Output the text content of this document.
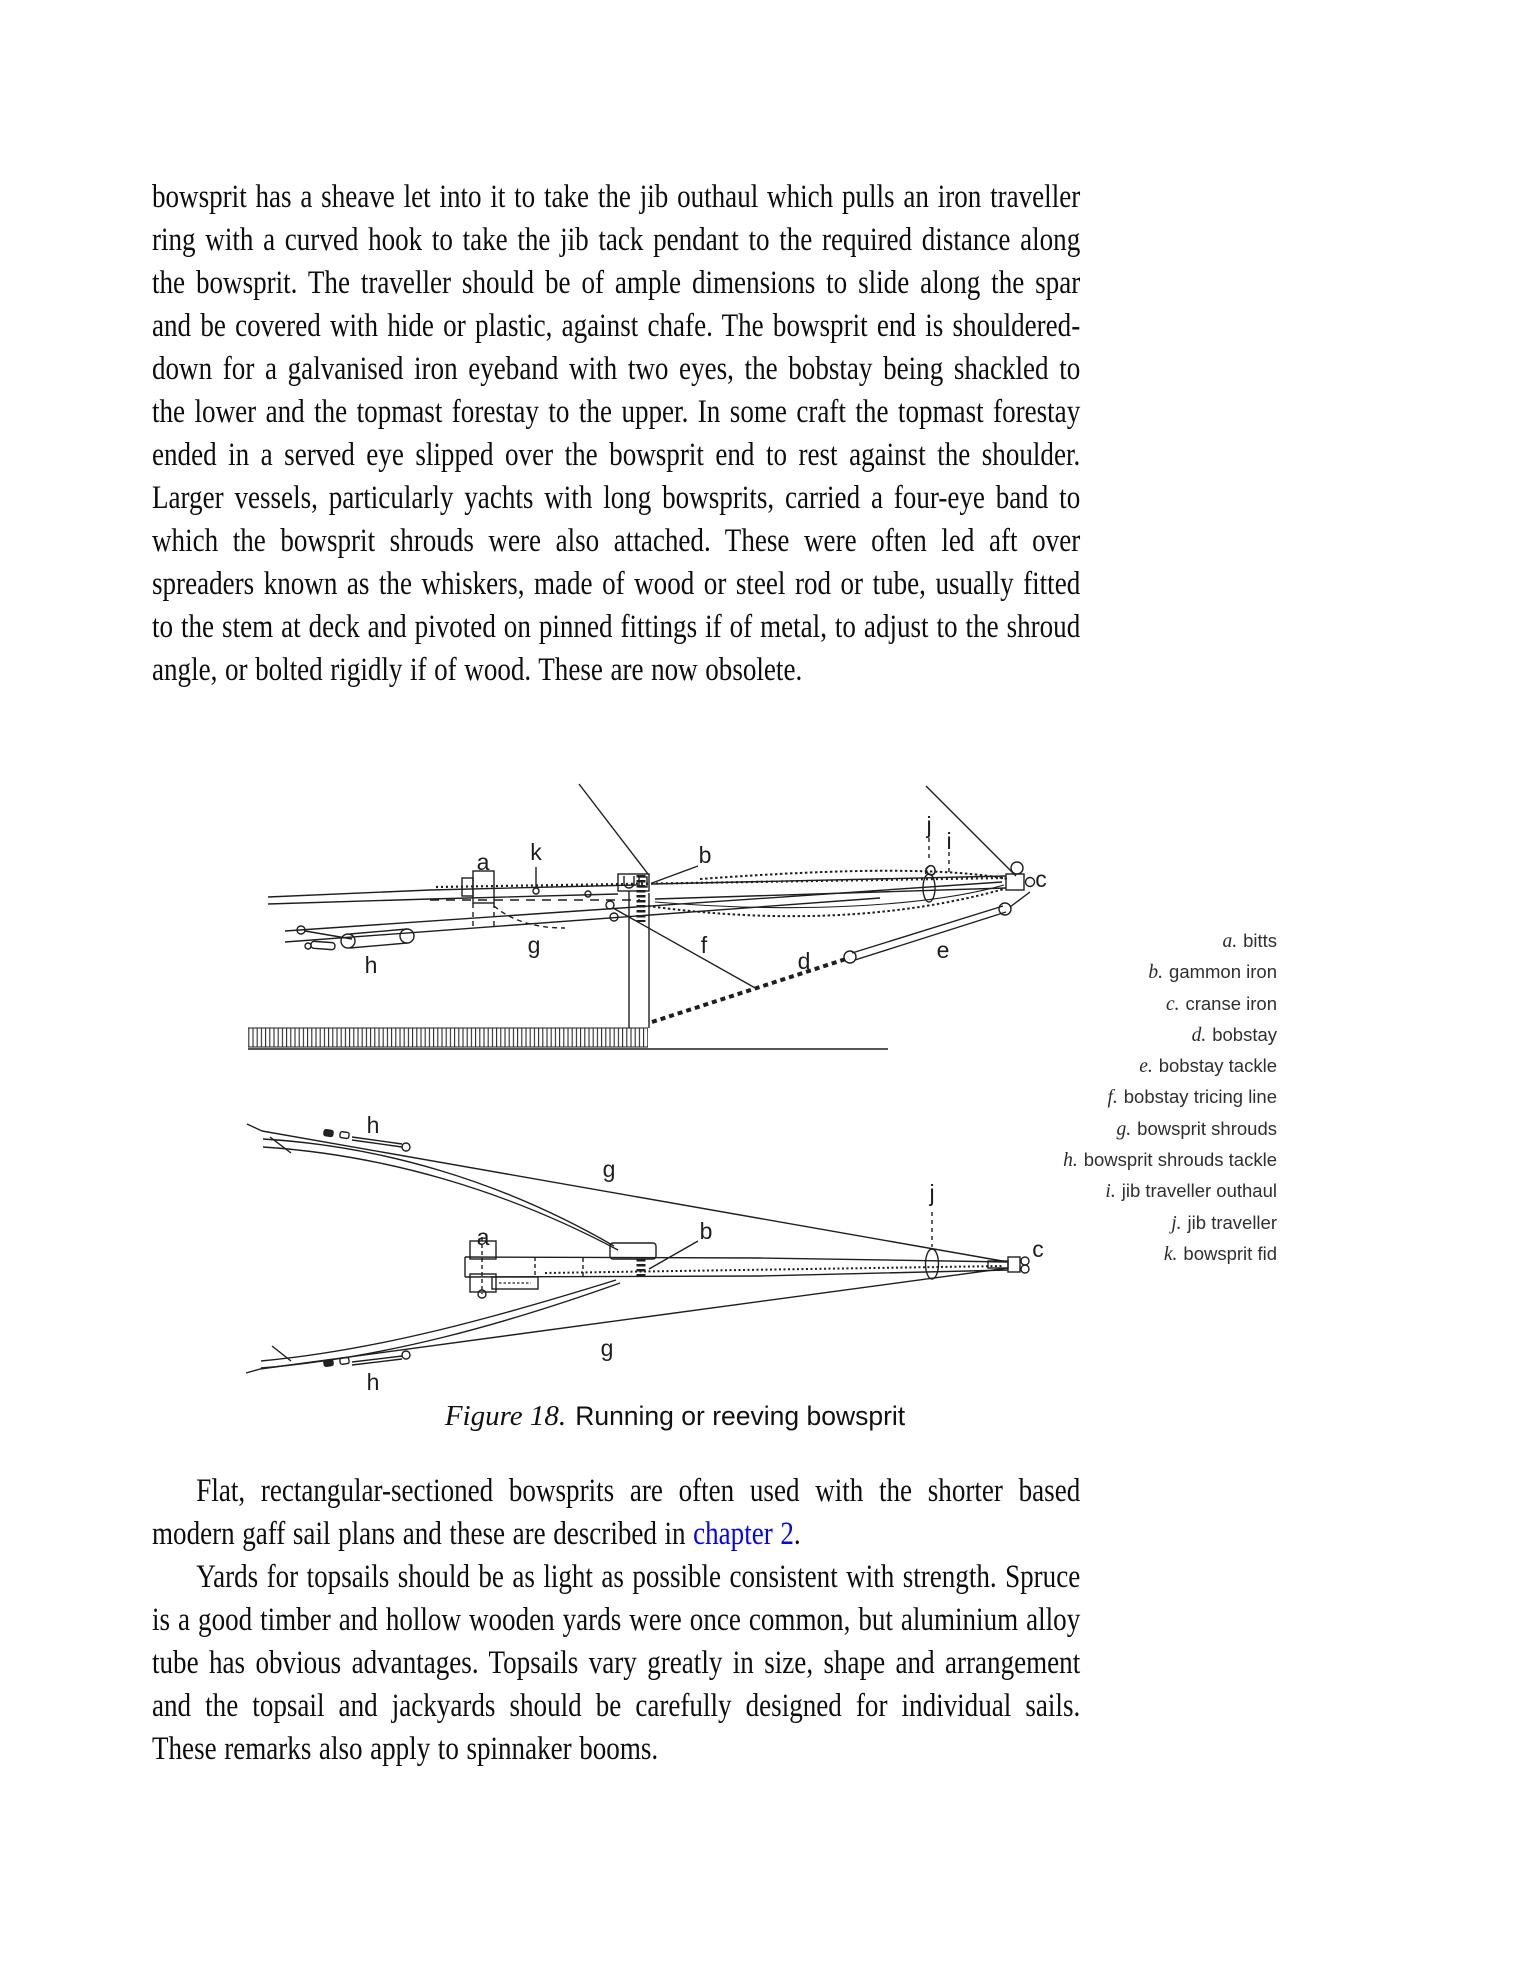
bowsprit has a sheave let into it to take the jib outhaul which pulls an iron traveller ring with a curved hook to take the jib tack pendant to the required distance along the bowsprit. The traveller should be of ample dimensions to slide along the spar and be covered with hide or plastic, against chafe. The bowsprit end is shouldered-down for a galvanised iron eyeband with two eyes, the bobstay being shackled to the lower and the topmast forestay to the upper. In some craft the topmast forestay ended in a served eye slipped over the bowsprit end to rest against the shoulder. Larger vessels, particularly yachts with long bowsprits, carried a four-eye band to which the bowsprit shrouds were also attached. These were often led aft over spreaders known as the whiskers, made of wood or steel rod or tube, usually fitted to the stem at deck and pivoted on pinned fittings if of metal, to adjust to the shroud angle, or bolted rigidly if of wood. These are now obsolete.

a k	b
j
i
c
g
h
f
d	e
h
g
a	b
j
c
g
h
a. bitts
b. gammon iron
c. cranse iron
d. bobstay
e. bobstay tackle
f. bobstay tricing line
g. bowsprit shrouds
h. bowsprit shrouds tackle
i. jib traveller outhaul
j. jib traveller
k. bowsprit fid
Figure 18. Running or reeving bowsprit

Flat, rectangular-sectioned bowsprits are often used with the shorter based modern gaff sail plans and these are described in chapter 2.

Yards for topsails should be as light as possible consistent with strength. Spruce is a good timber and hollow wooden yards were once common, but aluminium alloy tube has obvious advantages. Topsails vary greatly in size, shape and arrangement and the topsail and jackyards should be carefully designed for individual sails. These remarks also apply to spinnaker booms.
